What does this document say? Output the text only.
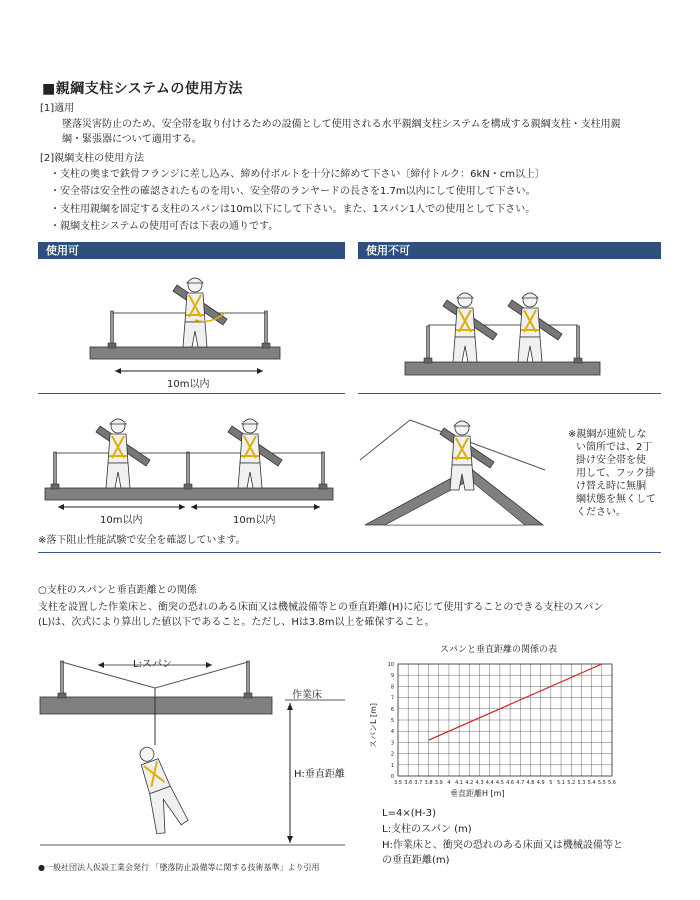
■親綱支柱システムの使用方法
[1]適用
墜落災害防止のため、安全帯を取り付けるための設備として使用される水平親綱支柱システムを構成する親綱支柱・支柱用親
綱・緊張器について適用する。
[2]親綱支柱の使用方法
・支柱の奥まで鉄骨フランジに差し込み、締め付ボルトを十分に締めて下さい〔締付トルク：6kN・cm以上〕
・安全帯は安全性の確認されたものを用い、安全帯のランヤードの長さを1.7m以内にして使用して下さい。
・支柱用親綱を固定する支柱のスパンは10m以下にして下さい。また、1スパン1人での使用として下さい。
・親綱支柱システムの使用可否は下表の通りです。
使用可	使用不可
10m以内
10m以内	10m以内
※親綱が連続しな
い箇所では、2丁
掛け安全帯を使
用して、フック掛
け替え時に無胴
綱状態を無くして
ください。
※落下阻止性能試験で安全を確認しています。
○支柱のスパンと垂直距離との関係
支柱を設置した作業床と、衝突の恐れのある床面又は機械設備等との垂直距離(H)に応じて使用することのできる支柱のスパン
(L)は、次式により算出した値以下であること。ただし、Hは3.8m以上を確保すること。
L:スパン
作業床
H:垂直距離
スパンと垂直距離の関係の表
3.5 3.6 3.7 3.8 3.9 4 4.1 4.2 4.3 4.4 4.5 4.6 4.7 4.8 4.9 5 5.1 5.2 5.3 5.4 5.5 5.6
0
1
2
3
4
5
6
7
8
9
10
垂直距離H [m]
スパンL [m]
L=4×(H-3)
L:支柱のスパン (m)
H:作業床と、衝突の恐れのある床面又は機械設備等と
の垂直距離(m)
●一般社団法人仮設工業会発行 「墜落防止設備等に関する技術基準」より引用
